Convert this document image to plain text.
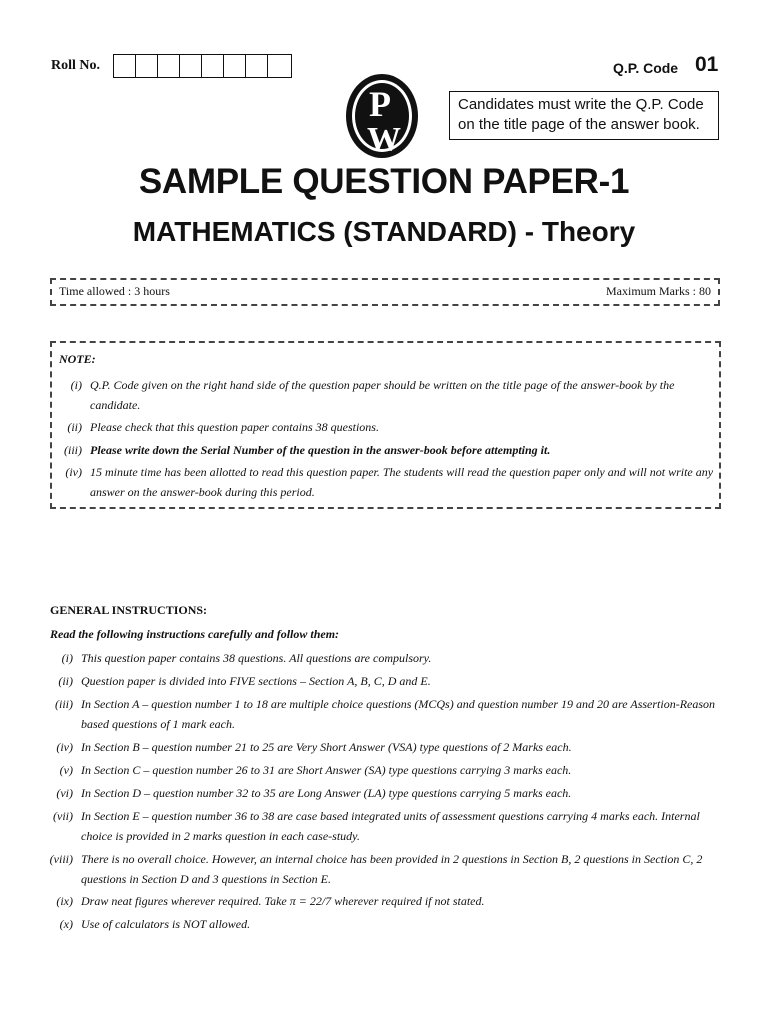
Roll No.	Q.P. Code 01
P
W
Candidates must write the Q.P. Code on the title page of the answer book.
SAMPLE QUESTION PAPER-1
MATHEMATICS (STANDARD) - Theory
Time allowed : 3 hours	Maximum Marks : 80
NOTE:
(i) Q.P. Code given on the right hand side of the question paper should be written on the title page of the answer-book by the candidate.
(ii) Please check that this question paper contains 38 questions.
(iii) Please write down the Serial Number of the question in the answer-book before attempting it.
(iv) 15 minute time has been allotted to read this question paper. The students will read the question paper only and will not write any answer on the answer-book during this period.
GENERAL INSTRUCTIONS:
Read the following instructions carefully and follow them:
(i) This question paper contains 38 questions. All questions are compulsory.
(ii) Question paper is divided into FIVE sections – Section A, B, C, D and E.
(iii) In Section A – question number 1 to 18 are multiple choice questions (MCQs) and question number 19 and 20 are Assertion-Reason based questions of 1 mark each.
(iv) In Section B – question number 21 to 25 are Very Short Answer (VSA) type questions of 2 Marks each.
(v) In Section C – question number 26 to 31 are Short Answer (SA) type questions carrying 3 marks each.
(vi) In Section D – question number 32 to 35 are Long Answer (LA) type questions carrying 5 marks each.
(vii) In Section E – question number 36 to 38 are case based integrated units of assessment questions carrying 4 marks each. Internal choice is provided in 2 marks question in each case-study.
(viii) There is no overall choice. However, an internal choice has been provided in 2 questions in Section B, 2 questions in Section C, 2 questions in Section D and 3 questions in Section E.
(ix) Draw neat figures wherever required. Take π = 22/7 wherever required if not stated.
(x) Use of calculators is NOT allowed.
